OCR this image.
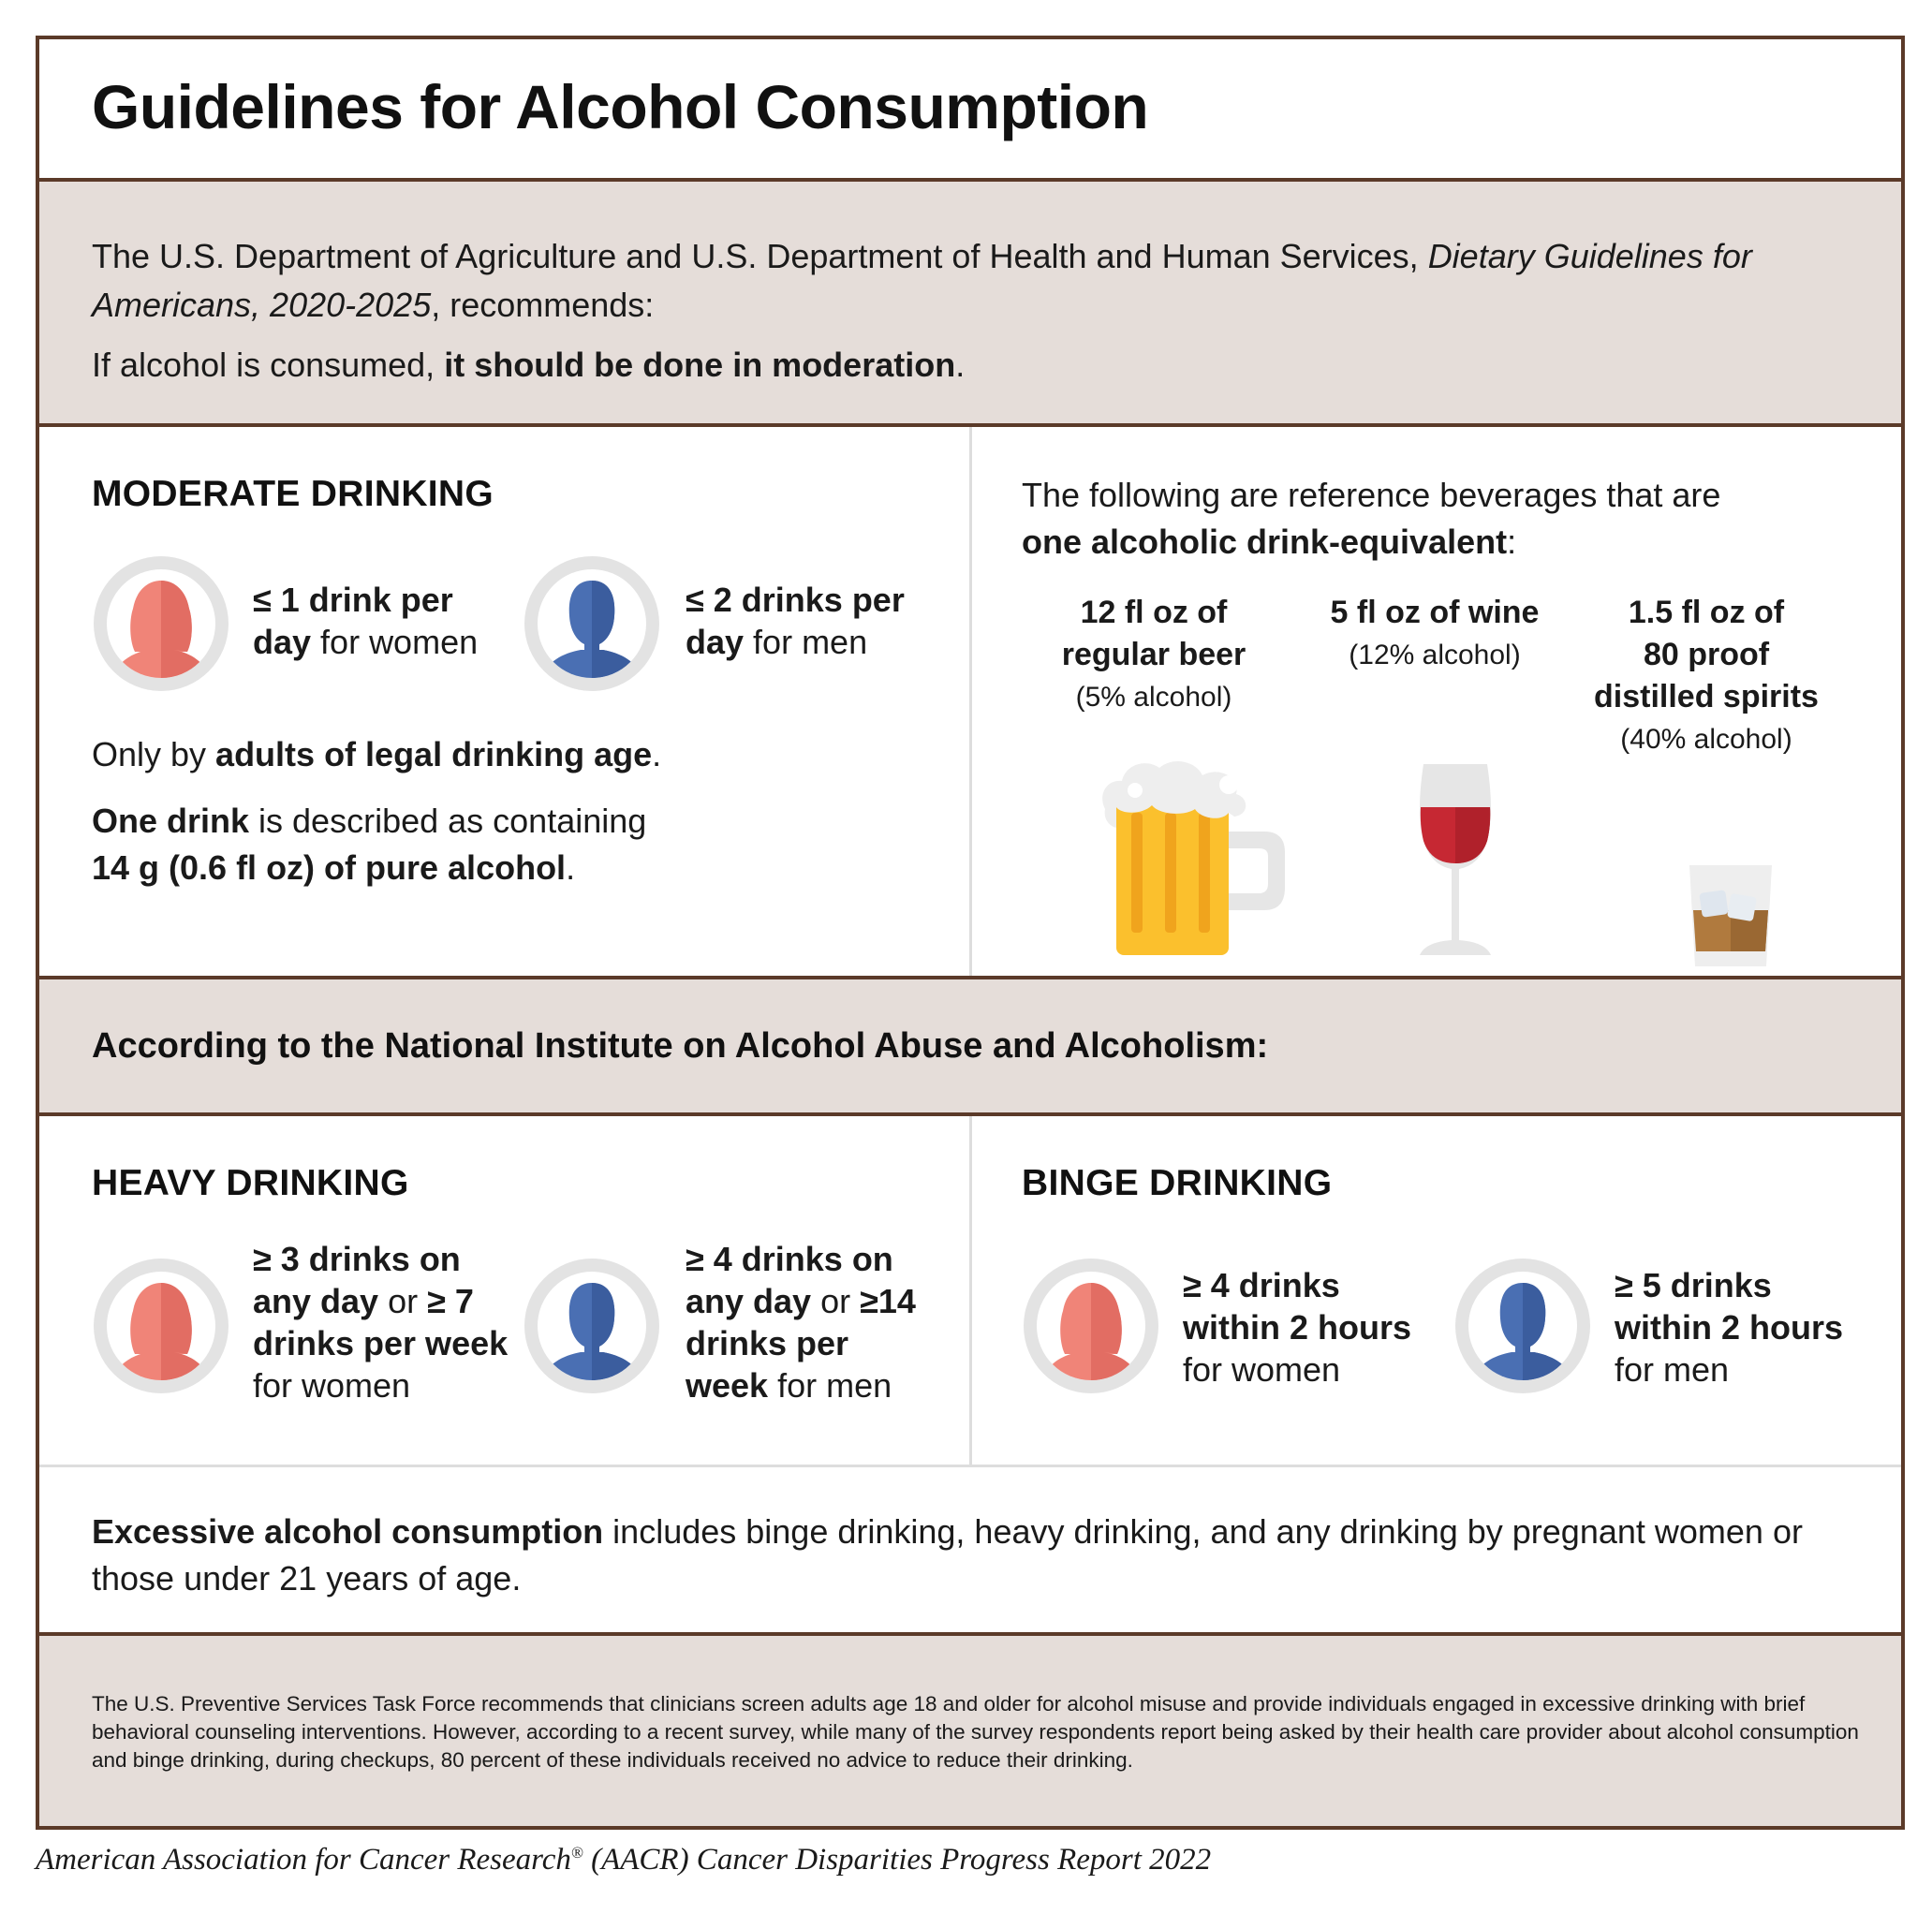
Guidelines for Alcohol Consumption
The U.S. Department of Agriculture and U.S. Department of Health and Human Services, Dietary Guidelines for Americans, 2020-2025, recommends:
If alcohol is consumed, it should be done in moderation.
MODERATE DRINKING
≤ 1 drink per
day for women
≤ 2 drinks per
day for men
Only by adults of legal drinking age.
One drink is described as containing
14 g (0.6 fl oz) of pure alcohol.
The following are reference beverages that are
one alcoholic drink-equivalent:
12 fl oz of
regular beer
(5% alcohol)
5 fl oz of wine
(12% alcohol)
1.5 fl oz of
80 proof
distilled spirits
(40% alcohol)
According to the National Institute on Alcohol Abuse and Alcoholism:
HEAVY DRINKING
≥ 3 drinks on
any day or ≥ 7
drinks per week
for women
≥ 4 drinks on
any day or ≥14
drinks per
week for men
BINGE DRINKING
≥ 4 drinks
within 2 hours
for women
≥ 5 drinks
within 2 hours
for men
Excessive alcohol consumption includes binge drinking, heavy drinking, and any drinking by pregnant women or
those under 21 years of age.
The U.S. Preventive Services Task Force recommends that clinicians screen adults age 18 and older for alcohol misuse and provide individuals engaged in excessive drinking with brief behavioral counseling interventions. However, according to a recent survey, while many of the survey respondents report being asked by their health care provider about alcohol consumption and binge drinking, during checkups, 80 percent of these individuals received no advice to reduce their drinking.
American Association for Cancer Research® (AACR) Cancer Disparities Progress Report 2022
